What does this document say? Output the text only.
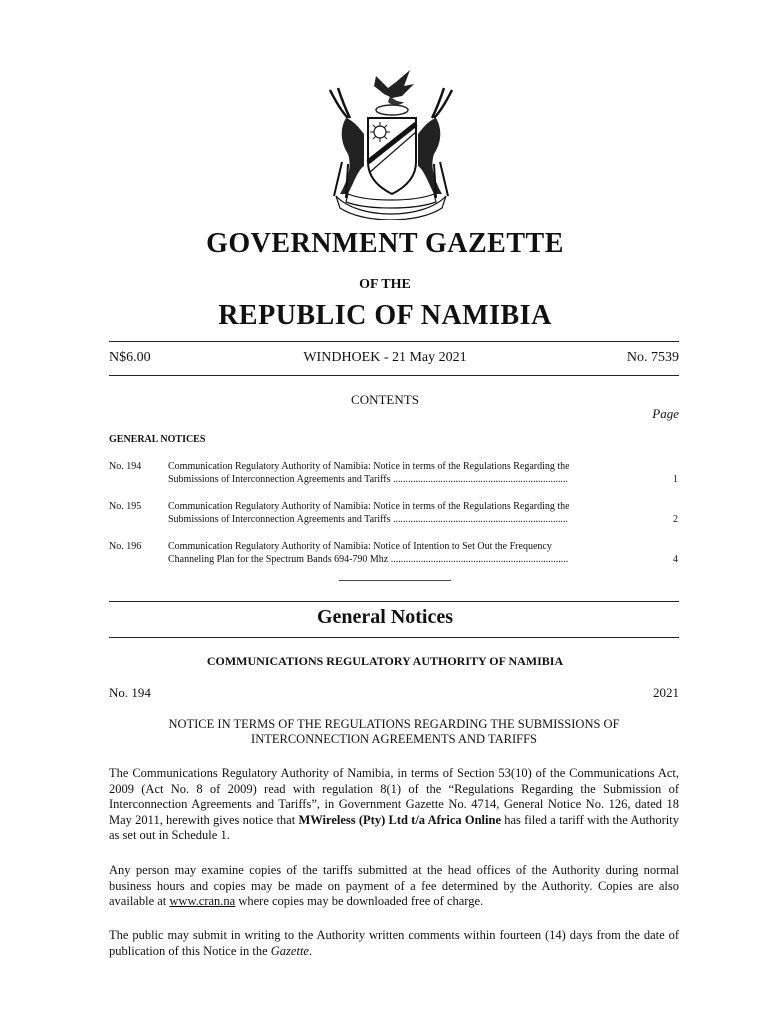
GOVERNMENT GAZETTE
OF THE
REPUBLIC OF NAMIBIA
N$6.00	WINDHOEK - 21 May 2021	No. 7539
CONTENTS
Page
GENERAL NOTICES
No. 194	Communication Regulatory Authority of Namibia: Notice in terms of the Regulations Regarding the
Submissions of Interconnection Agreements and Tariffs ......................................................................	1
No. 195	Communication Regulatory Authority of Namibia: Notice in terms of the Regulations Regarding the
Submissions of Interconnection Agreements and Tariffs ......................................................................	2
No. 196	Communication Regulatory Authority of Namibia: Notice of Intention to Set Out the Frequency
Channeling Plan for the Spectrum Bands 694-790 Mhz .......................................................................	4
General Notices
COMMUNICATIONS REGULATORY AUTHORITY OF NAMIBIA
No. 194	2021
NOTICE IN TERMS OF THE REGULATIONS REGARDING THE SUBMISSIONS OF
INTERCONNECTION AGREEMENTS AND TARIFFS
The Communications Regulatory Authority of Namibia, in terms of Section 53(10) of the Communications Act, 2009 (Act No. 8 of 2009) read with regulation 8(1) of the “Regulations Regarding the Submission of Interconnection Agreements and Tariffs”, in Government Gazette No. 4714, General Notice No. 126, dated 18 May 2011, herewith gives notice that MWireless (Pty) Ltd t/a Africa Online has filed a tariff with the Authority as set out in Schedule 1.
Any person may examine copies of the tariffs submitted at the head offices of the Authority during normal business hours and copies may be made on payment of a fee determined by the Authority. Copies are also available at www.cran.na where copies may be downloaded free of charge.
The public may submit in writing to the Authority written comments within fourteen (14) days from the date of publication of this Notice in the Gazette.
